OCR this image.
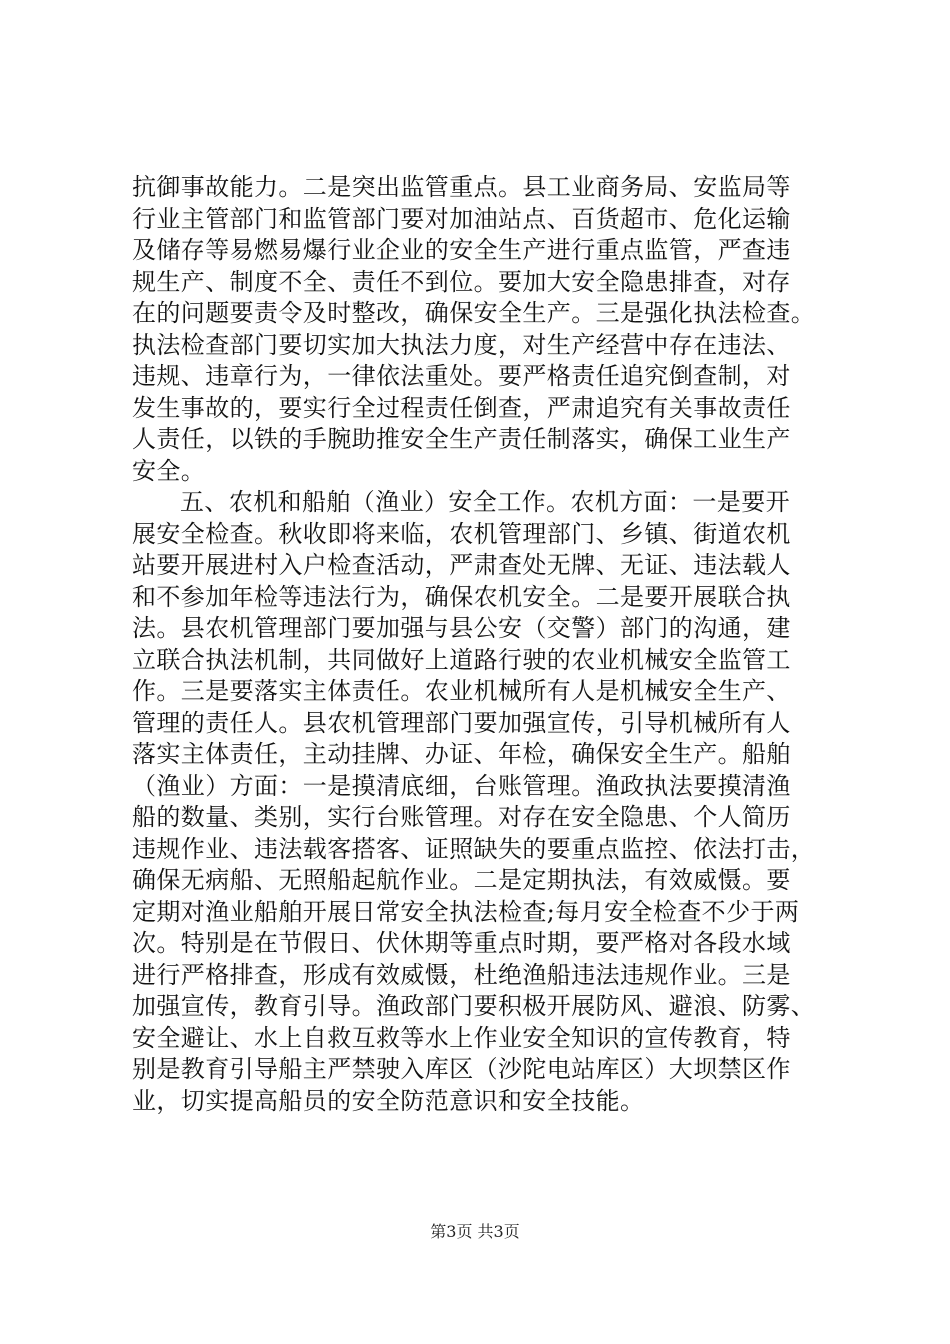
抗御事故能力。二是突出监管重点。县工业商务局、安监局等
行业主管部门和监管部门要对加油站点、百货超市、危化运输
及储存等易燃易爆行业企业的安全生产进行重点监管，严查违
规生产、制度不全、责任不到位。要加大安全隐患排查，对存
在的问题要责令及时整改，确保安全生产。三是强化执法检查。
执法检查部门要切实加大执法力度，对生产经营中存在违法、
违规、违章行为，一律依法重处。要严格责任追究倒查制，对
发生事故的，要实行全过程责任倒查，严肃追究有关事故责任
人责任，以铁的手腕助推安全生产责任制落实，确保工业生产
安全。
五、农机和船舶（渔业）安全工作。农机方面：一是要开
展安全检查。秋收即将来临，农机管理部门、乡镇、街道农机
站要开展进村入户检查活动，严肃查处无牌、无证、违法载人
和不参加年检等违法行为，确保农机安全。二是要开展联合执
法。县农机管理部门要加强与县公安（交警）部门的沟通，建
立联合执法机制，共同做好上道路行驶的农业机械安全监管工
作。三是要落实主体责任。农业机械所有人是机械安全生产、
管理的责任人。县农机管理部门要加强宣传，引导机械所有人
落实主体责任，主动挂牌、办证、年检，确保安全生产。船舶
（渔业）方面：一是摸清底细，台账管理。渔政执法要摸清渔
船的数量、类别，实行台账管理。对存在安全隐患、个人简历
违规作业、违法载客搭客、证照缺失的要重点监控、依法打击，
确保无病船、无照船起航作业。二是定期执法，有效威慑。要
定期对渔业船舶开展日常安全执法检查;每月安全检查不少于两
次。特别是在节假日、伏休期等重点时期，要严格对各段水域
进行严格排查，形成有效威慑，杜绝渔船违法违规作业。三是
加强宣传，教育引导。渔政部门要积极开展防风、避浪、防雾、
安全避让、水上自救互救等水上作业安全知识的宣传教育，特
别是教育引导船主严禁驶入库区（沙陀电站库区）大坝禁区作
业，切实提高船员的安全防范意识和安全技能。
第3页 共3页
